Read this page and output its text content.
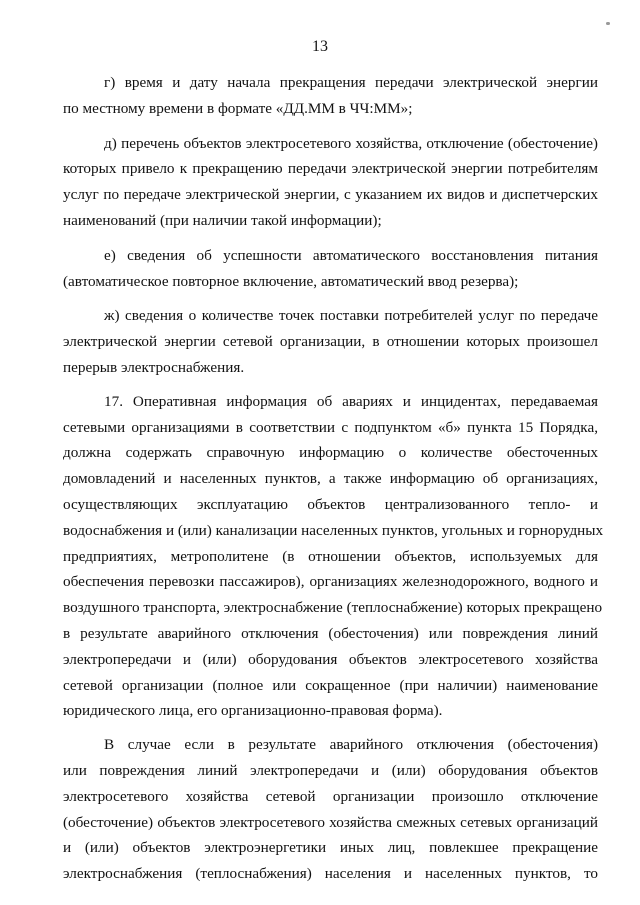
13
г) время и дату начала прекращения передачи электрической энергии
по местному времени в формате «ДД.ММ в ЧЧ:ММ»;
д) перечень объектов электросетевого хозяйства, отключение (обесточение)
которых привело к прекращению передачи электрической энергии потребителям
услуг по передаче электрической энергии, с указанием их видов и диспетчерских
наименований (при наличии такой информации);
е) сведения об успешности автоматического восстановления питания
(автоматическое повторное включение, автоматический ввод резерва);
ж) сведения о количестве точек поставки потребителей услуг по передаче
электрической энергии сетевой организации, в отношении которых произошел
перерыв электроснабжения.
17. Оперативная информация об авариях и инцидентах, передаваемая
сетевыми организациями в соответствии с подпунктом «б» пункта 15 Порядка,
должна содержать справочную информацию о количестве обесточенных
домовладений и населенных пунктов, а также информацию об организациях,
осуществляющих эксплуатацию объектов централизованного тепло- и
водоснабжения и (или) канализации населенных пунктов, угольных и горнорудных
предприятиях, метрополитене (в отношении объектов, используемых для
обеспечения перевозки пассажиров), организациях железнодорожного, водного и
воздушного транспорта, электроснабжение (теплоснабжение) которых прекращено
в результате аварийного отключения (обесточения) или повреждения линий
электропередачи и (или) оборудования объектов электросетевого хозяйства
сетевой организации (полное или сокращенное (при наличии) наименование
юридического лица, его организационно-правовая форма).
В случае если в результате аварийного отключения (обесточения)
или повреждения линий электропередачи и (или) оборудования объектов
электросетевого хозяйства сетевой организации произошло отключение
(обесточение) объектов электросетевого хозяйства смежных сетевых организаций
и (или) объектов электроэнергетики иных лиц, повлекшее прекращение
электроснабжения (теплоснабжения) населения и населенных пунктов, то
